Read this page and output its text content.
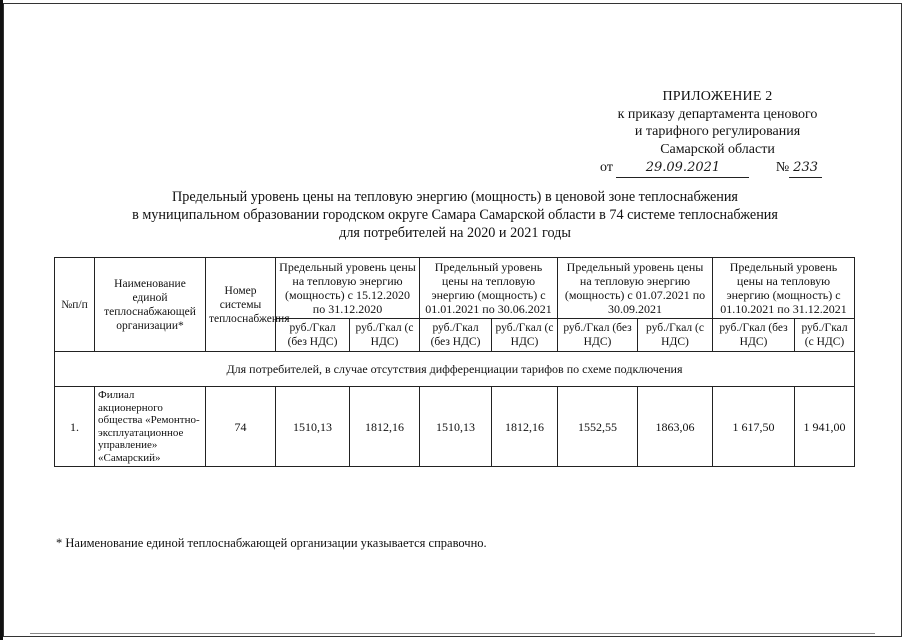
ПРИЛОЖЕНИЕ 2
к приказу департамента ценового
и тарифного регулирования
Самарской области
от	29.09.2021	№ 233
Предельный уровень цены на тепловую энергию (мощность) в ценовой зоне теплоснабжения
в муниципальном образовании городском округе Самара Самарской области в 74 системе теплоснабжения
для потребителей на 2020 и 2021 годы
№п/п	Наименование единой теплоснабжающей организации*	Номер системы теплоснабжения	Предельный уровень цены на тепловую энергию (мощность) с 15.12.2020 по 31.12.2020		Предельный уровень цены на тепловую энергию (мощность) с 01.01.2021 по 30.06.2021		Предельный уровень цены на тепловую энергию (мощность) с 01.07.2021 по 30.09.2021		Предельный уровень цены на тепловую энергию (мощность) с 01.10.2021 по 31.12.2021	
			руб./Гкал (без НДС)	руб./Гкал (с НДС)	руб./Гкал (без НДС)	руб./Гкал (с НДС)	руб./Гкал (без НДС)	руб./Гкал (с НДС)	руб./Гкал (без НДС)	руб./Гкал (с НДС)
Для потребителей, в случае отсутствия дифференциации тарифов по схеме подключения										
1.	Филиал акционерного общества «Ремонтно-эксплуатационное управление» «Самарский»	74	1510,13	1812,16	1510,13	1812,16	1552,55	1863,06	1 617,50	1 941,00
* Наименование единой теплоснабжающей организации указывается справочно.
